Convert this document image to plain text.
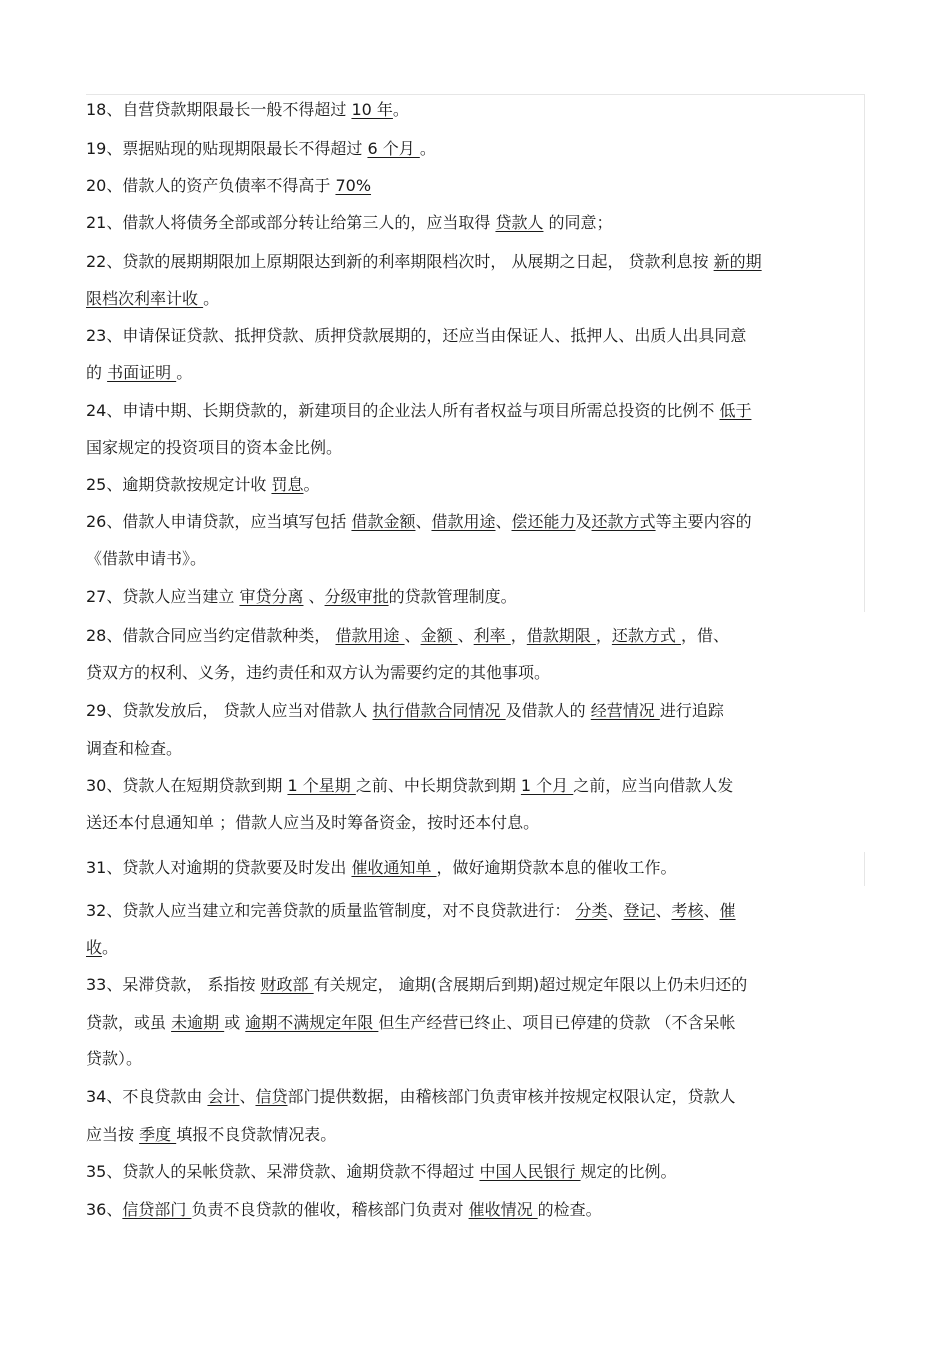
18、自营贷款期限最长一般不得超过 10 年。
19、票据贴现的贴现期限最长不得超过 6 个月 。
20、借款人的资产负债率不得高于 70%
21、借款人将债务全部或部分转让给第三人的，应当取得 贷款人 的同意；
22、贷款的展期期限加上原期限达到新的利率期限档次时， 从展期之日起， 贷款利息按 新的期
限档次利率计收 。
23、申请保证贷款、抵押贷款、质押贷款展期的，还应当由保证人、抵押人、出质人出具同意
的 书面证明 。
24、申请中期、长期贷款的，新建项目的企业法人所有者权益与项目所需总投资的比例不 低于
国家规定的投资项目的资本金比例。
25、逾期贷款按规定计收 罚息。
26、借款人申请贷款，应当填写包括 借款金额、借款用途、偿还能力及还款方式等主要内容的
《借款申请书》。
27、贷款人应当建立 审贷分离 、分级审批的贷款管理制度。
28、借款合同应当约定借款种类， 借款用途 、金额 、利率 ，借款期限 ，还款方式 ，借、
贷双方的权利、义务，违约责任和双方认为需要约定的其他事项。
29、贷款发放后， 贷款人应当对借款人 执行借款合同情况 及借款人的 经营情况 进行追踪
调查和检查。
30、贷款人在短期贷款到期 1 个星期 之前、中长期贷款到期 1 个月 之前，应当向借款人发
送还本付息通知单 ；借款人应当及时筹备资金，按时还本付息。
31、贷款人对逾期的贷款要及时发出 催收通知单 ，做好逾期贷款本息的催收工作。
32、贷款人应当建立和完善贷款的质量监管制度，对不良贷款进行： 分类、登记、考核、催
收。
33、呆滞贷款， 系指按 财政部 有关规定， 逾期(含展期后到期)超过规定年限以上仍未归还的
贷款，或虽 未逾期 或 逾期不满规定年限 但生产经营已终止、项目已停建的贷款 （不含呆帐
贷款）。
34、不良贷款由 会计、信贷部门提供数据，由稽核部门负责审核并按规定权限认定，贷款人
应当按 季度 填报不良贷款情况表。
35、贷款人的呆帐贷款、呆滞贷款、逾期贷款不得超过 中国人民银行 规定的比例。
36、信贷部门 负责不良贷款的催收，稽核部门负责对 催收情况 的检查。
